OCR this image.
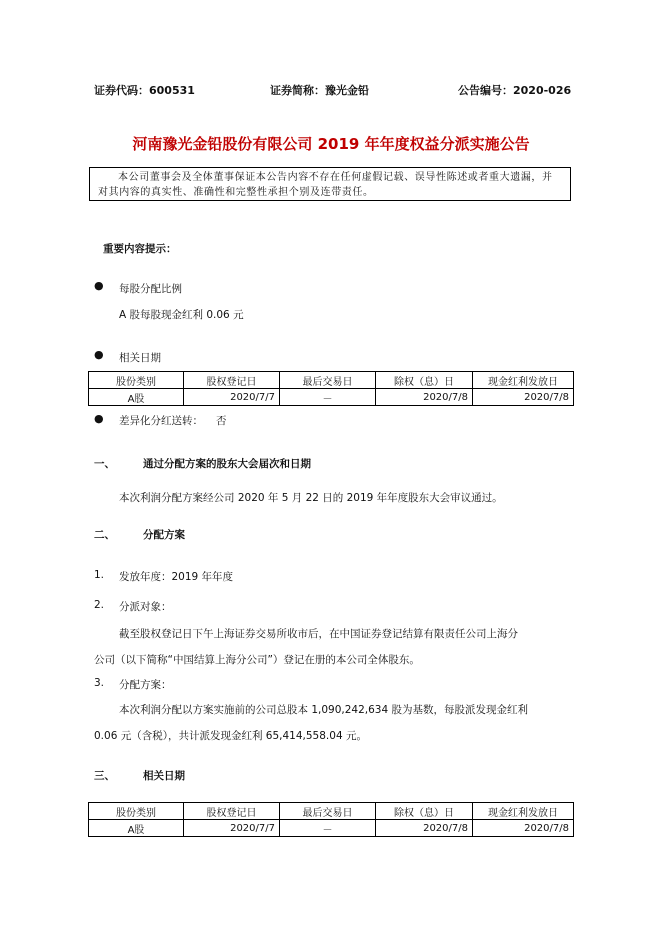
证券代码：600531	证券简称：豫光金铅	公告编号：2020-026
河南豫光金铅股份有限公司 2019 年年度权益分派实施公告
本公司董事会及全体董事保证本公告内容不存在任何虚假记载、误导性陈述或者重大遗漏，并对其内容的真实性、准确性和完整性承担个别及连带责任。
重要内容提示：
● 每股分配比例
A 股每股现金红利 0.06 元
● 相关日期
股份类别	股权登记日	最后交易日	除权（息）日	现金红利发放日
A股	2020/7/7	－	2020/7/8	2020/7/8
● 差异化分红送转： 否
一、	通过分配方案的股东大会届次和日期
本次利润分配方案经公司 2020 年 5 月 22 日的 2019 年年度股东大会审议通过。
二、	分配方案
1. 发放年度：2019 年年度
2. 分派对象：
截至股权登记日下午上海证券交易所收市后，在中国证券登记结算有限责任公司上海分
公司（以下简称“中国结算上海分公司”）登记在册的本公司全体股东。
3. 分配方案：
本次利润分配以方案实施前的公司总股本 1,090,242,634 股为基数，每股派发现金红利
0.06 元（含税），共计派发现金红利 65,414,558.04 元。
三、	相关日期
股份类别	股权登记日	最后交易日	除权（息）日	现金红利发放日
A股	2020/7/7	－	2020/7/8	2020/7/8
